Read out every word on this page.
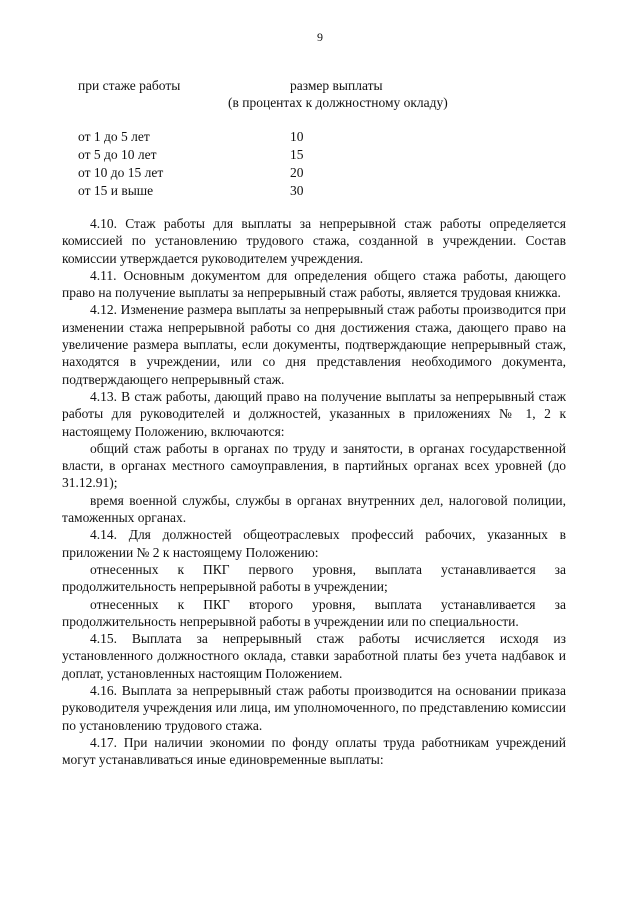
9
при стаже работы	размер выплаты
(в процентах к должностному окладу)
от 1 до 5 лет	10
от 5 до 10 лет	15
от 10 до 15 лет	20
от 15 и выше	30

4.10. Стаж работы для выплаты за непрерывной стаж работы определяется комиссией по установлению трудового стажа, созданной в учреждении. Состав комиссии утверждается руководителем учреждения.

4.11. Основным документом для определения общего стажа работы, дающего право на получение выплаты за непрерывный стаж работы, является трудовая книжка.

4.12. Изменение размера выплаты за непрерывный стаж работы производится при изменении стажа непрерывной работы со дня достижения стажа, дающего право на увеличение размера выплаты, если документы, подтверждающие непрерывный стаж, находятся в учреждении, или со дня представления необходимого документа, подтверждающего непрерывный стаж.

4.13. В стаж работы, дающий право на получение выплаты за непрерывный стаж работы для руководителей и должностей, указанных в приложениях № 1, 2 к настоящему Положению, включаются:

общий стаж работы в органах по труду и занятости, в органах государственной власти, в органах местного самоуправления, в партийных органах всех уровней (до 31.12.91);

время военной службы, службы в органах внутренних дел, налоговой полиции, таможенных органах.

4.14. Для должностей общеотраслевых профессий рабочих, указанных в приложении № 2 к настоящему Положению:

отнесенных к ПКГ первого уровня, выплата устанавливается за продолжительность непрерывной работы в учреждении;

отнесенных к ПКГ второго уровня, выплата устанавливается за продолжительность непрерывной работы в учреждении или по специальности.

4.15. Выплата за непрерывный стаж работы исчисляется исходя из установленного должностного оклада, ставки заработной платы без учета надбавок и доплат, установленных настоящим Положением.

4.16. Выплата за непрерывный стаж работы производится на основании приказа руководителя учреждения или лица, им уполномоченного, по представлению комиссии по установлению трудового стажа.

4.17. При наличии экономии по фонду оплаты труда работникам учреждений могут устанавливаться иные единовременные выплаты:
